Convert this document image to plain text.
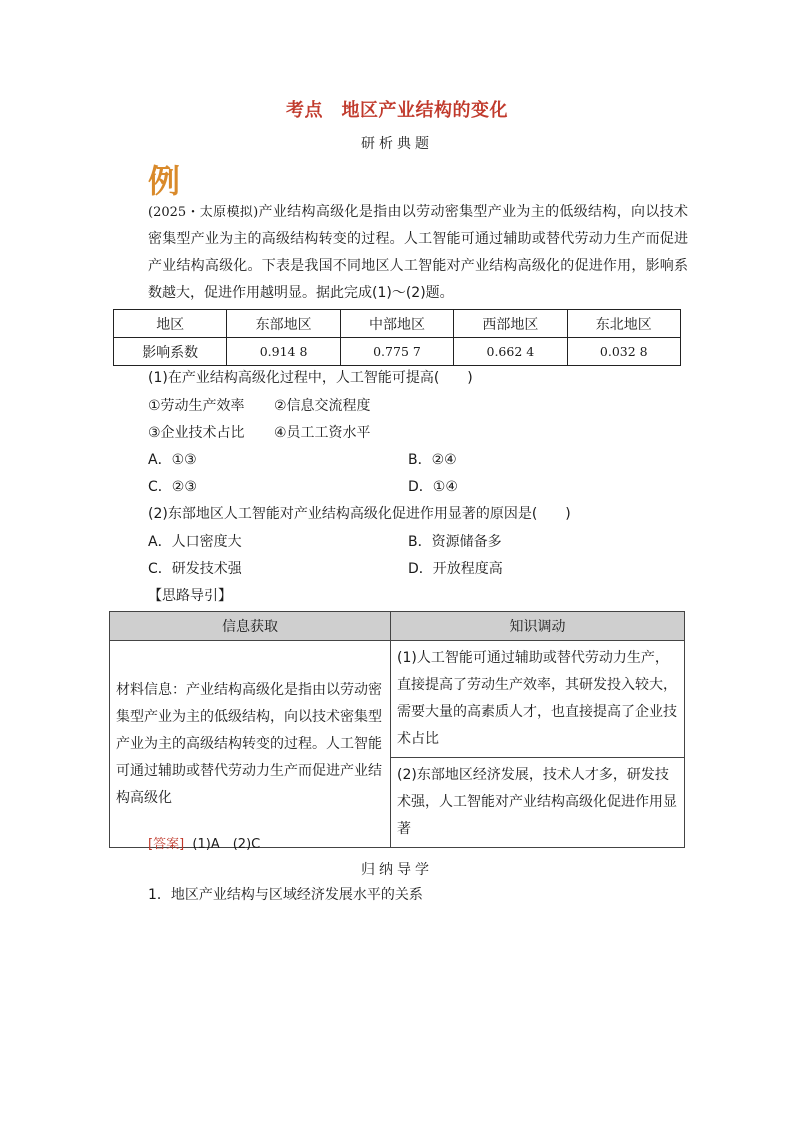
考点　地区产业结构的变化
研析典题
例
(2025・太原模拟)产业结构高级化是指由以劳动密集型产业为主的低级结构，向以技术密集型产业为主的高级结构转变的过程。人工智能可通过辅助或替代劳动力生产而促进产业结构高级化。下表是我国不同地区人工智能对产业结构高级化的促进作用，影响系数越大，促进作用越明显。据此完成(1)～(2)题。
地区	东部地区	中部地区	西部地区	东北地区
影响系数	0.914 8	0.775 7	0.662 4	0.032 8
(1)在产业结构高级化过程中，人工智能可提高(　　)
①劳动生产效率 ②信息交流程度
③企业技术占比 ④员工工资水平
A．①③	B．②④
C．②③	D．①④
(2)东部地区人工智能对产业结构高级化促进作用显著的原因是(　　)
A．人口密度大	B．资源储备多
C．研发技术强	D．开放程度高
【思路导引】
信息获取	知识调动
材料信息：产业结构高级化是指由以劳动密集型产业为主的低级结构，向以技术密集型产业为主的高级结构转变的过程。人工智能可通过辅助或替代劳动力生产而促进产业结构高级化	(1)人工智能可通过辅助或替代劳动力生产，直接提高了劳动生产效率，其研发投入较大，需要大量的高素质人才，也直接提高了企业技术占比
	(2)东部地区经济发展，技术人才多，研发技术强，人工智能对产业结构高级化促进作用显著
[答案] (1)A　(2)C
归纳导学
1．地区产业结构与区域经济发展水平的关系
